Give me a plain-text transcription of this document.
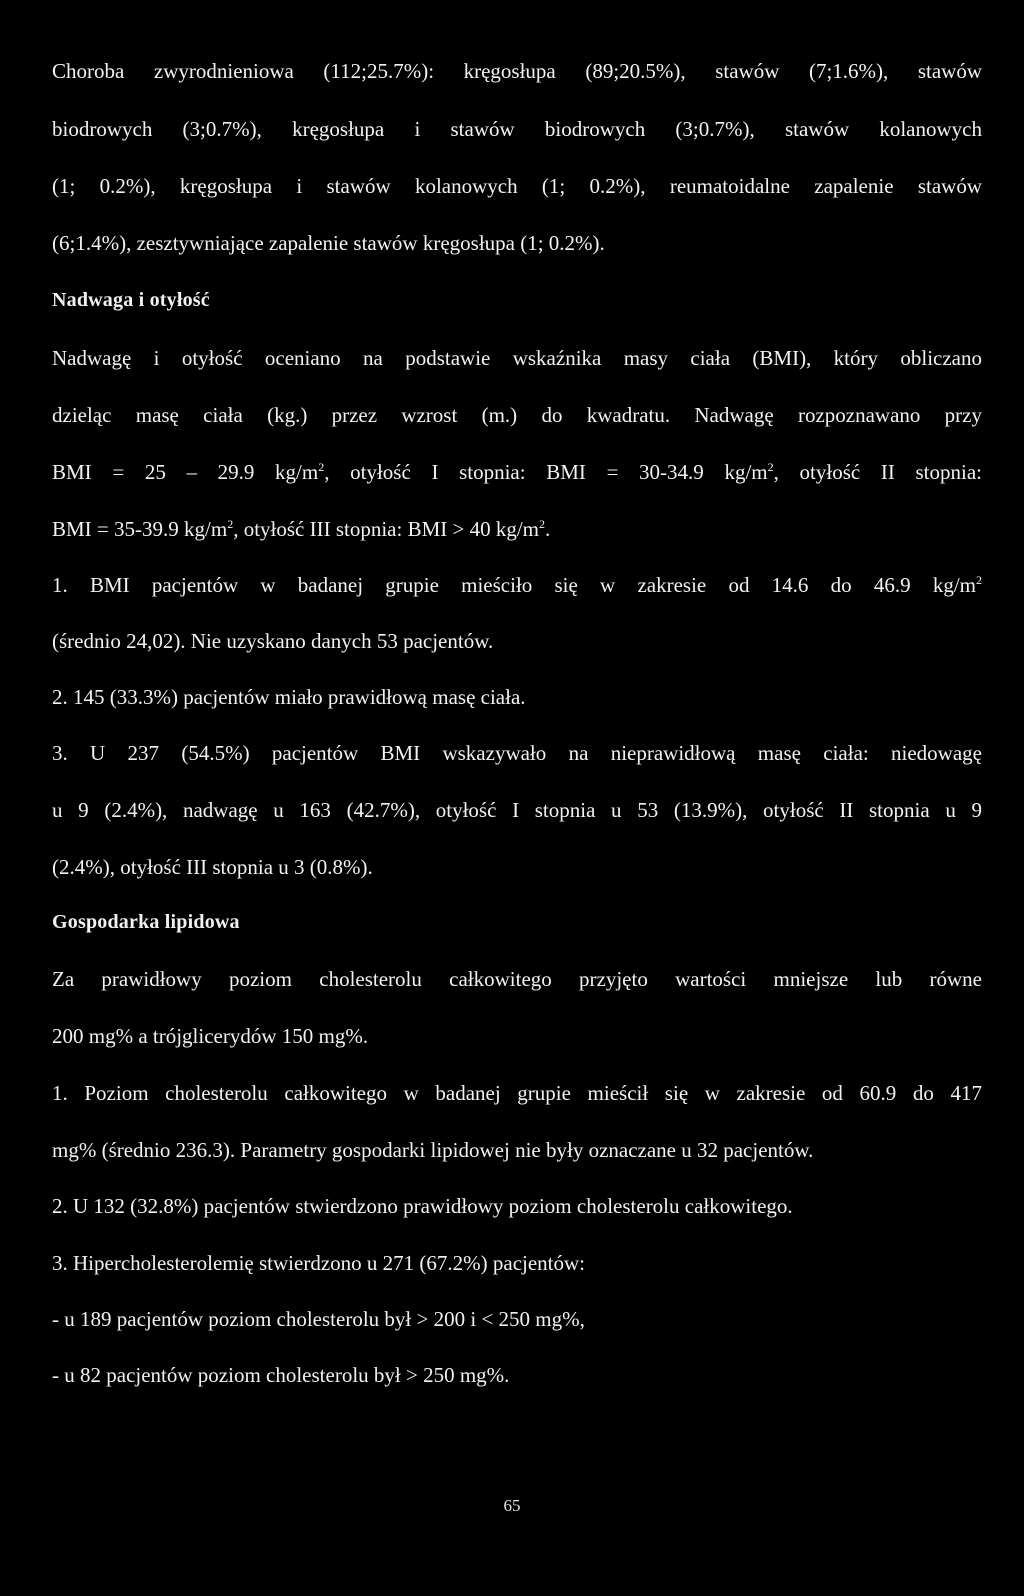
Choroba zwyrodnieniowa (112;25.7%): kręgosłupa (89;20.5%), stawów (7;1.6%), stawów
biodrowych (3;0.7%), kręgosłupa i stawów biodrowych (3;0.7%), stawów kolanowych
(1; 0.2%), kręgosłupa i stawów kolanowych (1; 0.2%), reumatoidalne zapalenie stawów
(6;1.4%), zesztywniające zapalenie stawów kręgosłupa (1; 0.2%).
Nadwaga i otyłość
Nadwagę i otyłość oceniano na podstawie wskaźnika masy ciała (BMI), który obliczano
dzieląc masę ciała (kg.) przez wzrost (m.) do kwadratu. Nadwagę rozpoznawano przy
BMI = 25 – 29.9 $kg/m^2$, otyłość I stopnia: BMI = 30-34.9 $kg/m^2$, otyłość II stopnia:
BMI = 35-39.9 $kg/m^2$, otyłość III stopnia: BMI > 40 $kg/m^2$.
1. BMI pacjentów w badanej grupie mieściło się w zakresie od 14.6 do 46.9 $kg/m^2$
(średnio 24,02). Nie uzyskano danych 53 pacjentów.
2. 145 (33.3%) pacjentów miało prawidłową masę ciała.
3. U 237 (54.5%) pacjentów BMI wskazywało na nieprawidłową masę ciała: niedowagę
u 9 (2.4%), nadwagę u 163 (42.7%), otyłość I stopnia u 53 (13.9%), otyłość II stopnia u 9
(2.4%), otyłość III stopnia u 3 (0.8%).
Gospodarka lipidowa
Za prawidłowy poziom cholesterolu całkowitego przyjęto wartości mniejsze lub równe
200 mg% a trójglicerydów 150 mg%.
1. Poziom cholesterolu całkowitego w badanej grupie mieścił się w zakresie od 60.9 do 417
mg% (średnio 236.3). Parametry gospodarki lipidowej nie były oznaczane u 32 pacjentów.
2. U 132 (32.8%) pacjentów stwierdzono prawidłowy poziom cholesterolu całkowitego.
3. Hipercholesterolemię stwierdzono u 271 (67.2%) pacjentów:
- u 189 pacjentów poziom cholesterolu był > 200 i < 250 mg%,
- u 82 pacjentów poziom cholesterolu był > 250 mg%.
65
